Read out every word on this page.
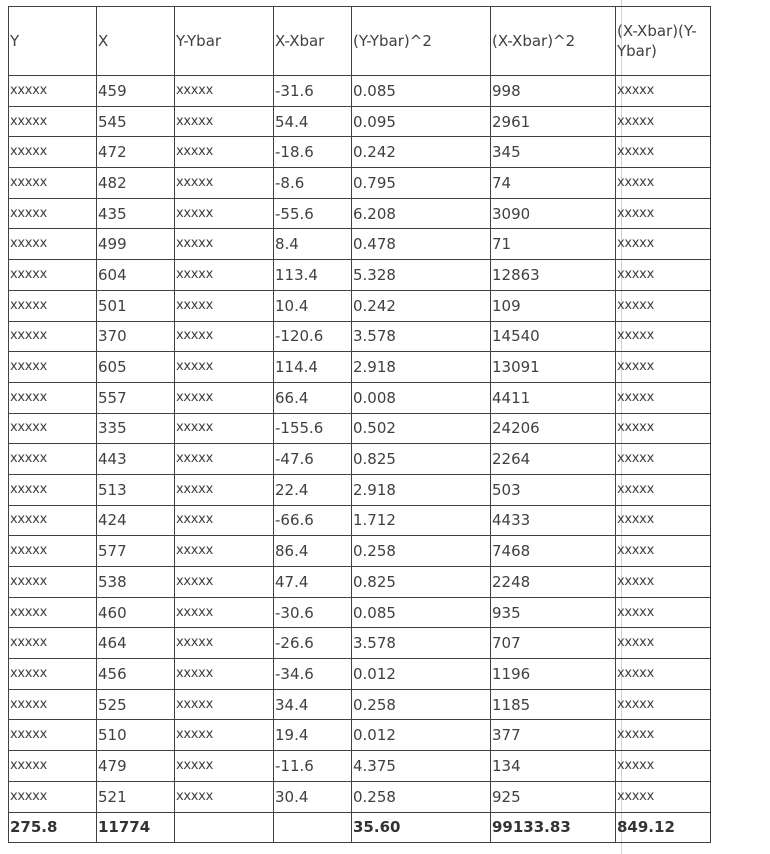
Y	X	Y-Ybar	X-Xbar	(Y-Ybar)^2	(X-Xbar)^2	(X-Xbar)(Y-Ybar)
xxxxx	459	xxxxx	-31.6	0.085	998	xxxxx
xxxxx	545	xxxxx	54.4	0.095	2961	xxxxx
xxxxx	472	xxxxx	-18.6	0.242	345	xxxxx
xxxxx	482	xxxxx	-8.6	0.795	74	xxxxx
xxxxx	435	xxxxx	-55.6	6.208	3090	xxxxx
xxxxx	499	xxxxx	8.4	0.478	71	xxxxx
xxxxx	604	xxxxx	113.4	5.328	12863	xxxxx
xxxxx	501	xxxxx	10.4	0.242	109	xxxxx
xxxxx	370	xxxxx	-120.6	3.578	14540	xxxxx
xxxxx	605	xxxxx	114.4	2.918	13091	xxxxx
xxxxx	557	xxxxx	66.4	0.008	4411	xxxxx
xxxxx	335	xxxxx	-155.6	0.502	24206	xxxxx
xxxxx	443	xxxxx	-47.6	0.825	2264	xxxxx
xxxxx	513	xxxxx	22.4	2.918	503	xxxxx
xxxxx	424	xxxxx	-66.6	1.712	4433	xxxxx
xxxxx	577	xxxxx	86.4	0.258	7468	xxxxx
xxxxx	538	xxxxx	47.4	0.825	2248	xxxxx
xxxxx	460	xxxxx	-30.6	0.085	935	xxxxx
xxxxx	464	xxxxx	-26.6	3.578	707	xxxxx
xxxxx	456	xxxxx	-34.6	0.012	1196	xxxxx
xxxxx	525	xxxxx	34.4	0.258	1185	xxxxx
xxxxx	510	xxxxx	19.4	0.012	377	xxxxx
xxxxx	479	xxxxx	-11.6	4.375	134	xxxxx
xxxxx	521	xxxxx	30.4	0.258	925	xxxxx
275.8	11774			35.60	99133.83	849.12
